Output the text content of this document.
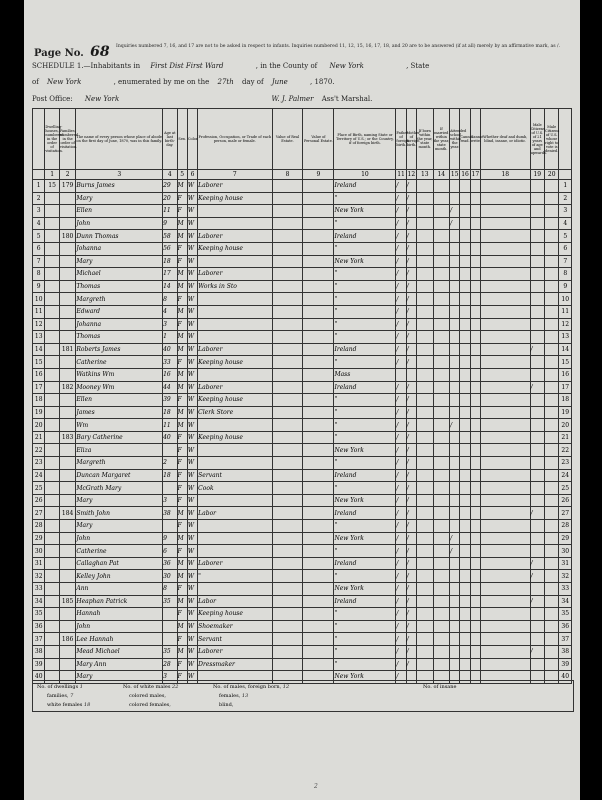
Page No. 68 Inquiries numbered 7, 16, and 17 are not to be asked in respect to infants. Inquiries numbered 11, 12, 15, 16, 17, 18, and 20 are to be answered (if at all) merely by an affirmative mark, as /.
SCHEDULE 1.—Inhabitants in First Dist First Ward	, in the County of New York	, State
of New York	, enumerated by me on the 27th day of June	, 1870.
Post Office: New York	W. J. Palmer Ass't Marshal.
	Dwelling-houses, numbered in the order of visitation.	Families, numbered in the order of visitation.	The name of every person whose place of abode on the first day of June, 1870, was in this family.	Age at last birth-day.	Sex.	Color.	Profession, Occupation, or Trade of each person, male or female.	Value of Real Estate.	Value of Personal Estate.	Place of Birth, naming State or Territory of U.S.; or the Country, if of foreign birth.	Father of foreign birth.	Mother of foreign birth.	If born within the year, state month.	If married within the year, state month.	Attended school within the year.	Cannot read.	Cannot write.	Whether deaf and dumb, blind, insane, or idiotic.	Male Citizens of U.S. of 21 years of age and upwards.	Male Citizens of U.S. whose right to vote is denied.	
	1	2	3	4	5	6	7	8	9	10	11	12	13	14	15	16	17	18	19	20	
1	15	179	Burns James	29	M	W	Laborer			Ireland	/	/									1
2			Mary	20	F	W	Keeping house			"	/	/									2
3			Ellen	11	F	W				New York	/	/			/						3
4			John	9	M	W				"	/	/			/						4
5		180	Dunn Thomas	58	M	W	Laborer			Ireland	/	/									5
6			Johanna	56	F	W	Keeping house			"	/	/									6
7			Mary	18	F	W				New York	/	/									7
8			Michael	17	M	W	Laborer			"	/	/									8
9			Thomas	14	M	W	Works in Sto			"	/	/									9
10			Margreth	8	F	W				"	/	/									10
11			Edward	4	M	W				"	/	/									11
12			Johanna	3	F	W				"	/	/									12
13			Thomas	1	M	W				"	/	/									13
14		181	Roberts James	40	M	W	Laborer			Ireland	/	/							/		14
15			Catherine	33	F	W	Keeping house			"	/	/									15
16			Watkins Wm	16	M	W				Mass											16
17		182	Mooney Wm	44	M	W	Laborer			Ireland	/	/							/		17
18			Ellen	39	F	W	Keeping house			"	/	/									18
19			James	18	M	W	Clerk Store			"	/	/									19
20			Wm	11	M	W				"	/	/			/						20
21		183	Bary Catherine	40	F	W	Keeping house			"	/	/									21
22			Eliza		F	W				New York	/	/									22
23			Margreth	2	F	W				"	/	/									23
24			Duncan Margaret	18	F	W	Servant			Ireland	/	/									24
25			McGrath Mary		F	W	Cook			"	/	/									25
26			Mary	3	F	W				New York	/	/									26
27		184	Smith John	38	M	W	Labor			Ireland	/	/							/		27
28			Mary		F	W				"	/	/									28
29			John	9	M	W				New York	/	/			/						29
30			Catherine	6	F	W				"	/	/			/						30
31			Callaghan Pat	36	M	W	Laborer			Ireland	/	/							/		31
32			Kelley John	30	M	W	"			"	/	/							/		32
33			Ann	8	F	W				New York	/	/									33
34		185	Heaphan Patrick	35	M	W	Labor			Ireland	/	/							/		34
35			Hannah		F	W	Keeping house			"	/	/									35
36			John		M	W	Shoemaker			"	/	/									36
37		186	Lee Hannah		F	W	Servant			"	/	/									37
38			Mead Michael	35	M	W	Laborer			"	/	/							/		38
39			Mary Ann	28	F	W	Dressmaker			"	/	/									39
40			Mary	3	F	W				New York	/										40
No. of dwellings 1	No. of white males 22	No. of males, foreign born, 12	No. of insane
families, 7	colored males,	females, 13
white females 18	colored females,	blind,
2
